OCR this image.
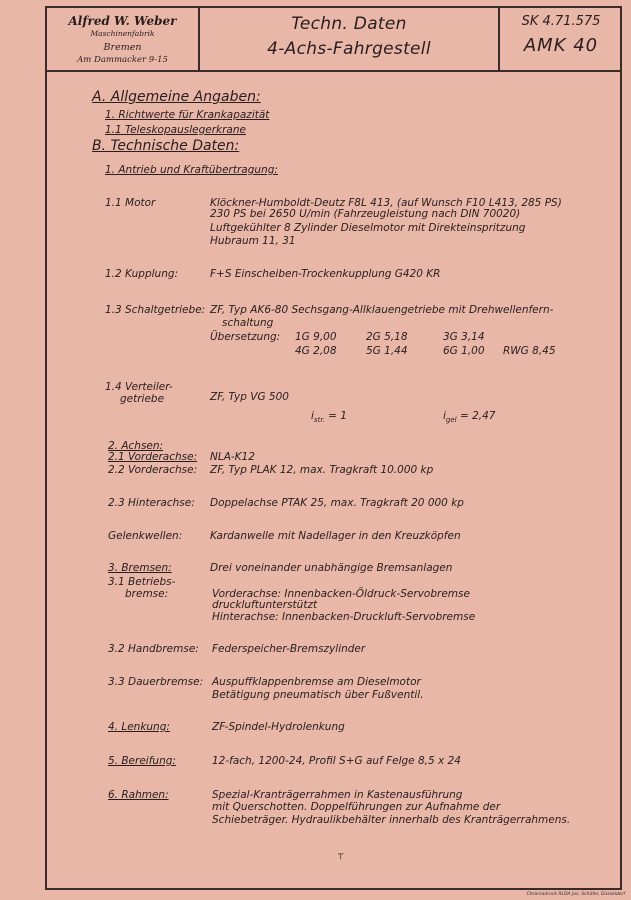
Alfred W. Weber
Maschinenfabrik
Bremen
Am Dammacker 9-15
Techn. Daten
4-Achs-Fahrgestell
SK 4.71.575
AMK 40
A. Allgemeine Angaben:
1. Richtwerte für Krankapazität
1.1 Teleskopauslegerkrane
B. Technische Daten:
1. Antrieb und Kraftübertragung:
1.1 Motor	Klöckner-Humboldt-Deutz F8L 413, (auf Wunsch F10 L413, 285 PS)
230 PS bei 2650 U/min (Fahrzeugleistung nach DIN 70020)
Luftgekühlter 8 Zylinder Dieselmotor mit Direkteinspritzung
Hubraum 11, 31
1.2 Kupplung:	F+S Einscheiben-Trockenkupplung G420 KR
1.3 Schaltgetriebe: ZF, Typ AK6-80 Sechsgang-Allklauengetriebe mit Drehwellenfern-
schaltung
Übersetzung: 1G 9,00	2G 5,18	3G 3,14
4G 2,08	5G 1,44	6G 1,00 RWG 8,45
1.4 Verteiler-
getriebe	ZF, Typ VG 500
$i_{str.} = 1$	$i_{gel} = 2,47$
2. Achsen:
2.1 Vorderachse: NLA-K12
2.2 Vorderachse: ZF, Typ PLAK 12, max. Tragkraft 10.000 kp
2.3 Hinterachse: Doppelachse PTAK 25, max. Tragkraft 20 000 kp
Gelenkwellen:	Kardanwelle mit Nadellager in den Kreuzköpfen
3. Bremsen:	Drei voneinander unabhängige Bremsanlagen
3.1 Betriebs-
bremse:	Vorderachse: Innenbacken-Öldruck-Servobremse
druckluftunterstützt
Hinterachse: Innenbacken-Druckluft-Servobremse
3.2 Handbremse: Federspeicher-Bremszylinder
3.3 Dauerbremse: Auspuffklappenbremse am Dieselmotor
Betätigung pneumatisch über Fußventil.
4. Lenkung:	ZF-Spindel-Hydrolenkung
5. Bereifung:	12-fach, 1200-24, Profil S+G auf Felge 8,5 x 24
6. Rahmen:	Spezial-Kranträgerrahmen in Kastenausführung
mit Querschotten. Doppelführungen zur Aufnahme der
Schiebeträger. Hydraulikbehälter innerhalb des Kranträgerrahmens.
┬
Chromadruck RLDA Jos. Schäfer, Düsseldorf
